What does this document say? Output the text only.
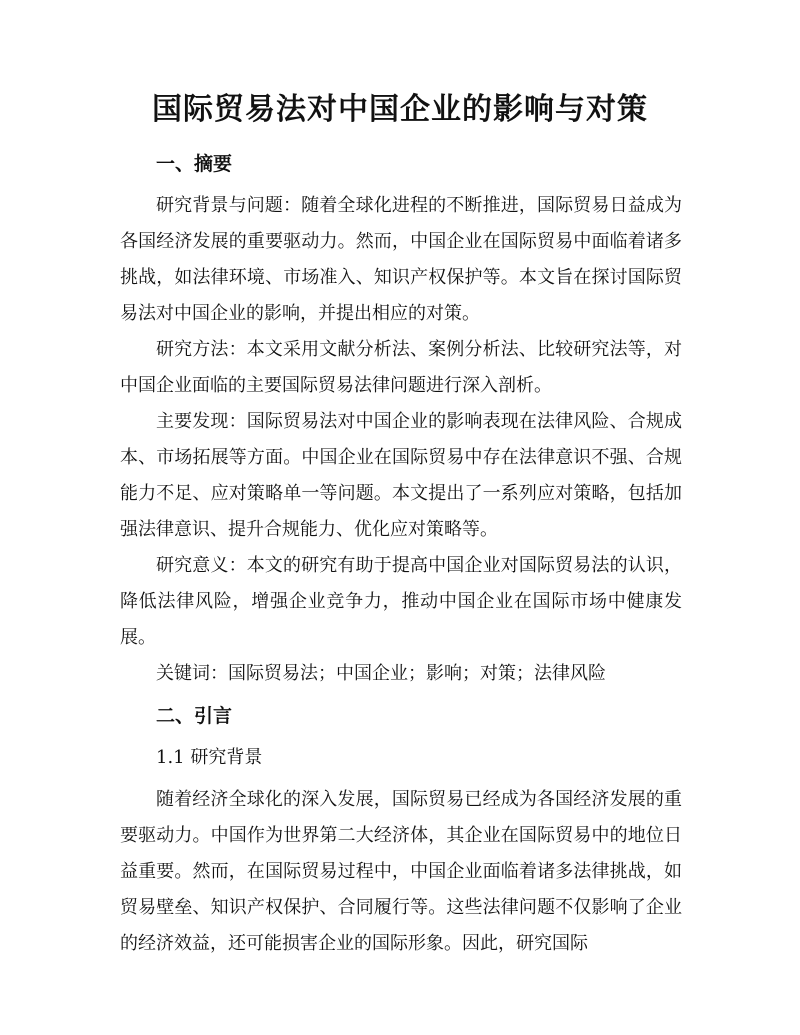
国际贸易法对中国企业的影响与对策
一、摘要

研究背景与问题：随着全球化进程的不断推进，国际贸易日益成为各国经济发展的重要驱动力。然而，中国企业在国际贸易中面临着诸多挑战，如法律环境、市场准入、知识产权保护等。本文旨在探讨国际贸易法对中国企业的影响，并提出相应的对策。

研究方法：本文采用文献分析法、案例分析法、比较研究法等，对中国企业面临的主要国际贸易法律问题进行深入剖析。

主要发现：国际贸易法对中国企业的影响表现在法律风险、合规成本、市场拓展等方面。中国企业在国际贸易中存在法律意识不强、合规能力不足、应对策略单一等问题。本文提出了一系列应对策略，包括加强法律意识、提升合规能力、优化应对策略等。

研究意义：本文的研究有助于提高中国企业对国际贸易法的认识，降低法律风险，增强企业竞争力，推动中国企业在国际市场中健康发展。

关键词：国际贸易法；中国企业；影响；对策；法律风险

二、引言

1.1 研究背景

随着经济全球化的深入发展，国际贸易已经成为各国经济发展的重要驱动力。中国作为世界第二大经济体，其企业在国际贸易中的地位日益重要。然而，在国际贸易过程中，中国企业面临着诸多法律挑战，如贸易壁垒、知识产权保护、合同履行等。这些法律问题不仅影响了企业的经济效益，还可能损害企业的国际形象。因此，研究国际
